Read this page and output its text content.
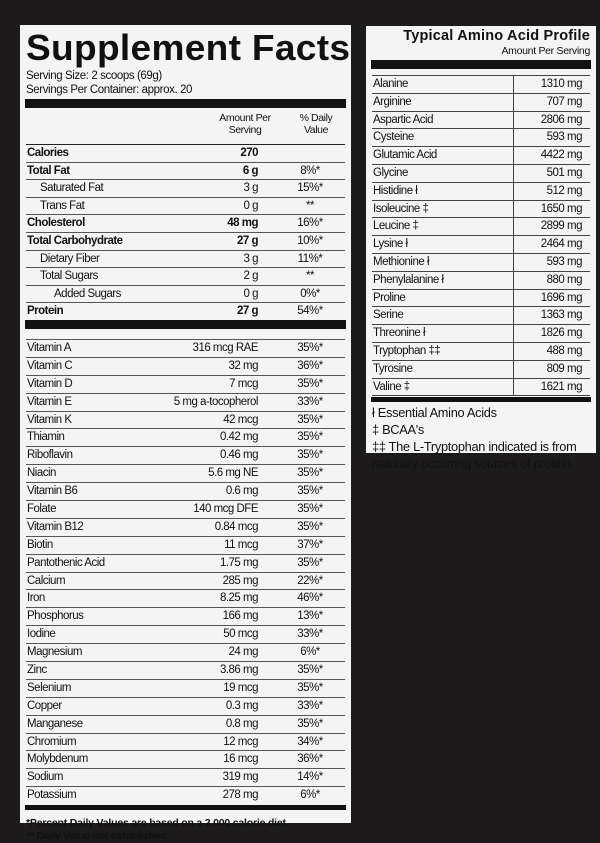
Supplement Facts
Serving Size: 2 scoops (69g)
Servings Per Container: approx. 20
Amount Per Serving
% Daily Value
Calories	270
Total Fat	6 g	8%*
Saturated Fat	3 g	15%*
Trans Fat	0 g	**
Cholesterol	48 mg	16%*
Total Carbohydrate	27 g	10%*
Dietary Fiber	3 g	11%*
Total Sugars	2 g	**
Added Sugars	0 g	0%*
Protein	27 g	54%*
Vitamin A	316 mcg RAE	35%*
Vitamin C	32 mg	36%*
Vitamin D	7 mcg	35%*
Vitamin E	5 mg a-tocopherol	33%*
Vitamin K	42 mcg	35%*
Thiamin	0.42 mg	35%*
Riboflavin	0.46 mg	35%*
Niacin	5.6 mg NE	35%*
Vitamin B6	0.6 mg	35%*
Folate	140 mcg DFE	35%*
Vitamin B12	0.84 mcg	35%*
Biotin	11 mcg	37%*
Pantothenic Acid	1.75 mg	35%*
Calcium	285 mg	22%*
Iron	8.25 mg	46%*
Phosphorus	166 mg	13%*
Iodine	50 mcg	33%*
Magnesium	24 mg	6%*
Zinc	3.86 mg	35%*
Selenium	19 mcg	35%*
Copper	0.3 mg	33%*
Manganese	0.8 mg	35%*
Chromium	12 mcg	34%*
Molybdenum	16 mcg	36%*
Sodium	319 mg	14%*
Potassium	278 mg	6%*
*Percent Daily Values are based on a 2,000 calorie diet.
** Daily Value not established.
Typical Amino Acid Profile
Amount Per Serving
Alanine	1310 mg
Arginine	707 mg
Aspartic Acid	2806 mg
Cysteine	593 mg
Glutamic Acid	4422 mg
Glycine	501 mg
Histidine ł	512 mg
Isoleucine ‡	1650 mg
Leucine ‡	2899 mg
Lysine ł	2464 mg
Methionine ł	593 mg
Phenylalanine ł	880 mg
Proline	1696 mg
Serine	1363 mg
Threonine ł	1826 mg
Tryptophan ‡‡	488 mg
Tyrosine	809 mg
Valine ‡	1621 mg
ł Essential Amino Acids
‡ BCAA's
‡‡ The L-Tryptophan indicated is from naturally occurring sources of protein.
